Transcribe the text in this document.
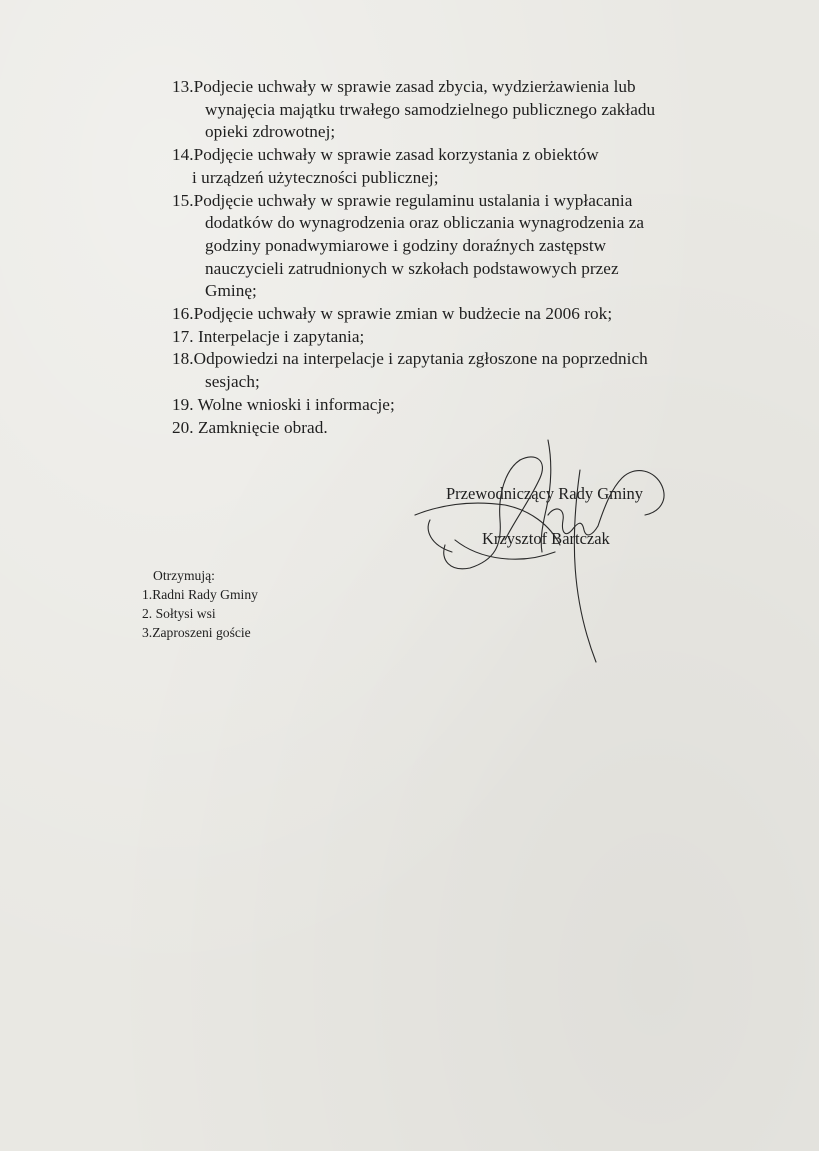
13.Podjecie uchwały w sprawie zasad zbycia, wydzierżawienia lub
wynajęcia majątku trwałego samodzielnego publicznego zakładu
opieki zdrowotnej;
14.Podjęcie uchwały w sprawie zasad korzystania z obiektów
i urządzeń użyteczności publicznej;
15.Podjęcie uchwały w sprawie regulaminu ustalania i wypłacania
dodatków do wynagrodzenia oraz obliczania wynagrodzenia za
godziny ponadwymiarowe i godziny doraźnych zastępstw
nauczycieli zatrudnionych w szkołach podstawowych przez
Gminę;
16.Podjęcie uchwały w sprawie zmian w budżecie na 2006 rok;
17. Interpelacje i zapytania;
18.Odpowiedzi na interpelacje i zapytania zgłoszone na poprzednich
sesjach;
19. Wolne wnioski i informacje;
20. Zamknięcie obrad.
Przewodniczący Rady Gminy
Krzysztof Bartczak
Otrzymują:
1.Radni Rady Gminy
2. Sołtysi wsi
3.Zaproszeni goście
